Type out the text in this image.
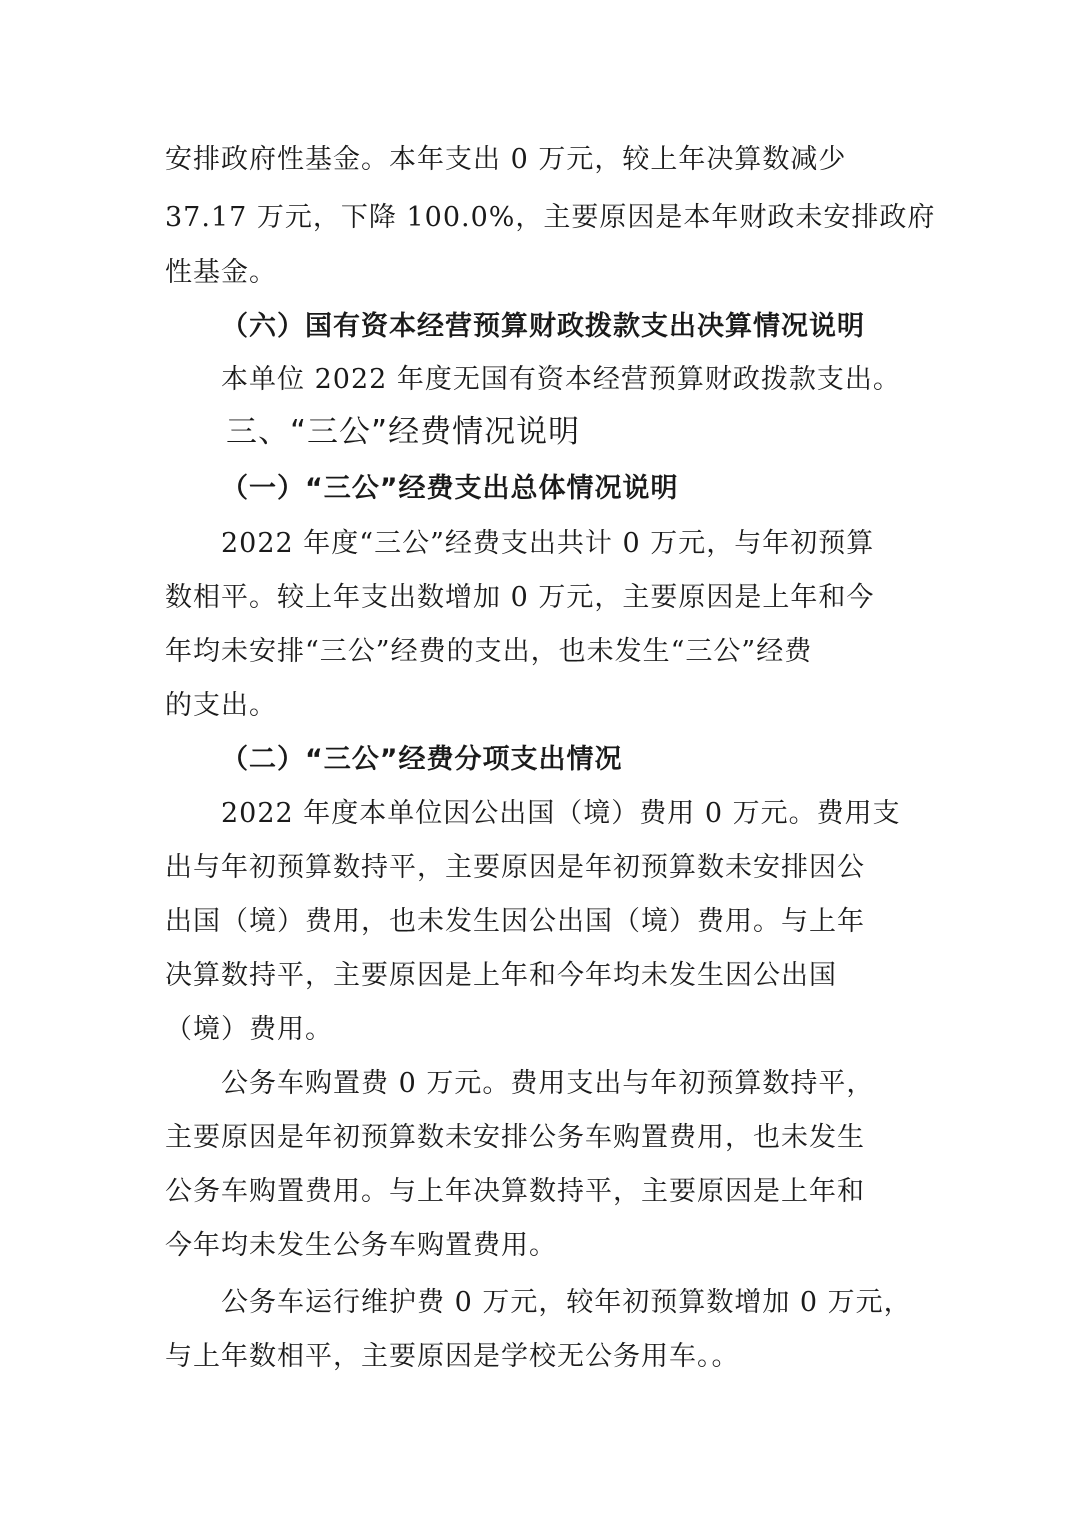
安排政府性基金。本年支出 0 万元，较上年决算数减少
37.17 万元，下降 100.0%，主要原因是本年财政未安排政府
性基金。
（六）国有资本经营预算财政拨款支出决算情况说明
本单位 2022 年度无国有资本经营预算财政拨款支出。
三、“三公”经费情况说明
（一）“三公”经费支出总体情况说明
2022 年度“三公”经费支出共计 0 万元，与年初预算
数相平。较上年支出数增加 0 万元，主要原因是上年和今
年均未安排“三公”经费的支出，也未发生“三公”经费
的支出。
（二）“三公”经费分项支出情况
2022 年度本单位因公出国（境）费用 0 万元。费用支
出与年初预算数持平，主要原因是年初预算数未安排因公
出国（境）费用，也未发生因公出国（境）费用。与上年
决算数持平，主要原因是上年和今年均未发生因公出国
（境）费用。
公务车购置费 0 万元。费用支出与年初预算数持平，
主要原因是年初预算数未安排公务车购置费用，也未发生
公务车购置费用。与上年决算数持平，主要原因是上年和
今年均未发生公务车购置费用。
公务车运行维护费 0 万元，较年初预算数增加 0 万元，
与上年数相平，主要原因是学校无公务用车。。
